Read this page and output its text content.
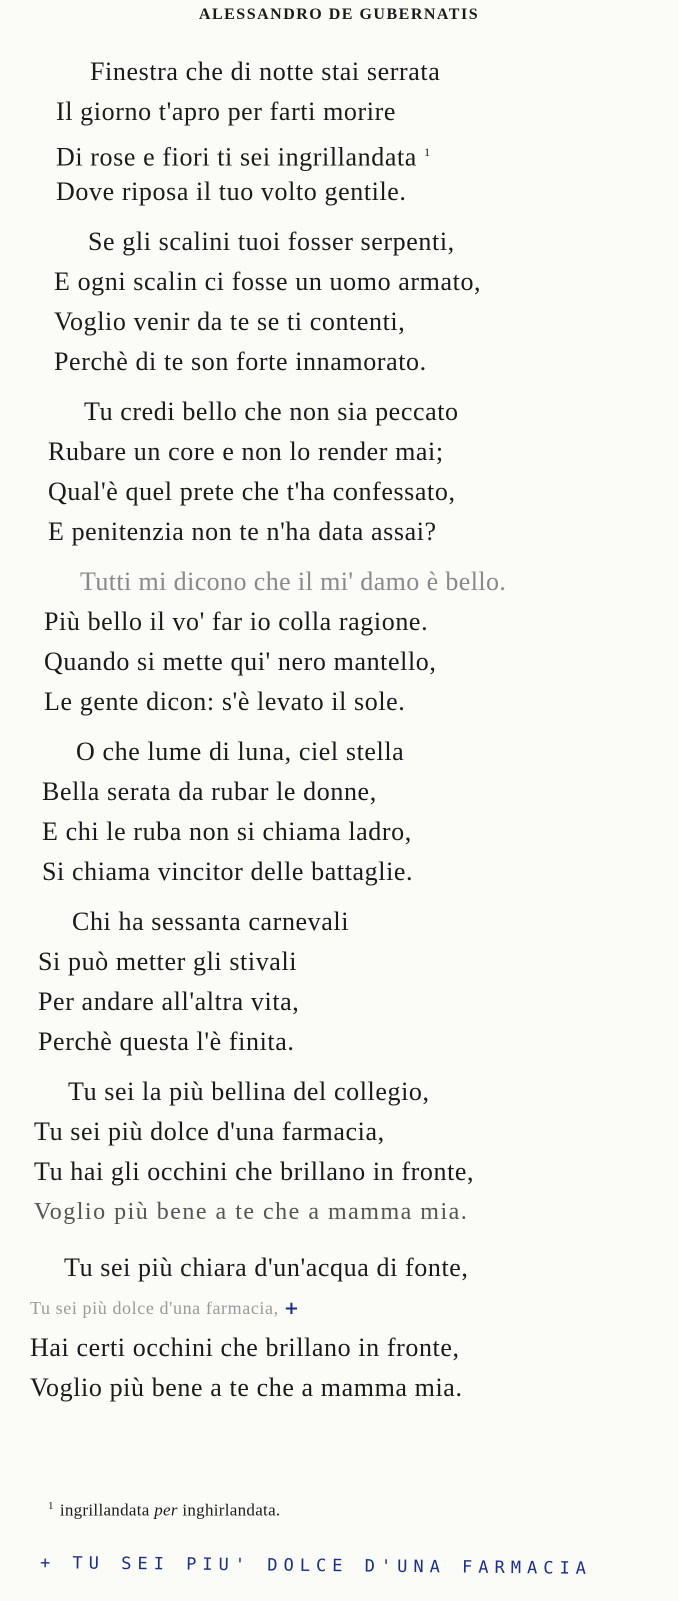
ALESSANDRO DE GUBERNATIS
Finestra che di notte stai serrata
Il giorno t'apro per farti morire
Di rose e fiori ti sei ingrillandata $^1$
Dove riposa il tuo volto gentile.
Se gli scalini tuoi fosser serpenti,
E ogni scalin ci fosse un uomo armato,
Voglio venir da te se ti contenti,
Perchè di te son forte innamorato.
Tu credi bello che non sia peccato
Rubare un core e non lo render mai;
Qual'è quel prete che t'ha confessato,
E penitenzia non te n'ha data assai?
Tutti mi dicono che il mi' damo è bello.
Più bello il vo' far io colla ragione.
Quando si mette qui' nero mantello,
Le gente dicon: s'è levato il sole.
O che lume di luna, ciel stella
Bella serata da rubar le donne,
E chi le ruba non si chiama ladro,
Si chiama vincitor delle battaglie.
Chi ha sessanta carnevali
Si può metter gli stivali
Per andare all'altra vita,
Perchè questa l'è finita.
Tu sei la più bellina del collegio,
Tu sei più dolce d'una farmacia,
Tu hai gli occhini che brillano in fronte,
Voglio più bene a te che a mamma mia.
Tu sei più chiara d'un'acqua di fonte,
Tu sei più dolce d'una farmacia, +
Hai certi occhini che brillano in fronte,
Voglio più bene a te che a mamma mia.
$^1$ ingrillandata per inghirlandata.
+ TU SEI PIU' DOLCE D'UNA FARMACIA
